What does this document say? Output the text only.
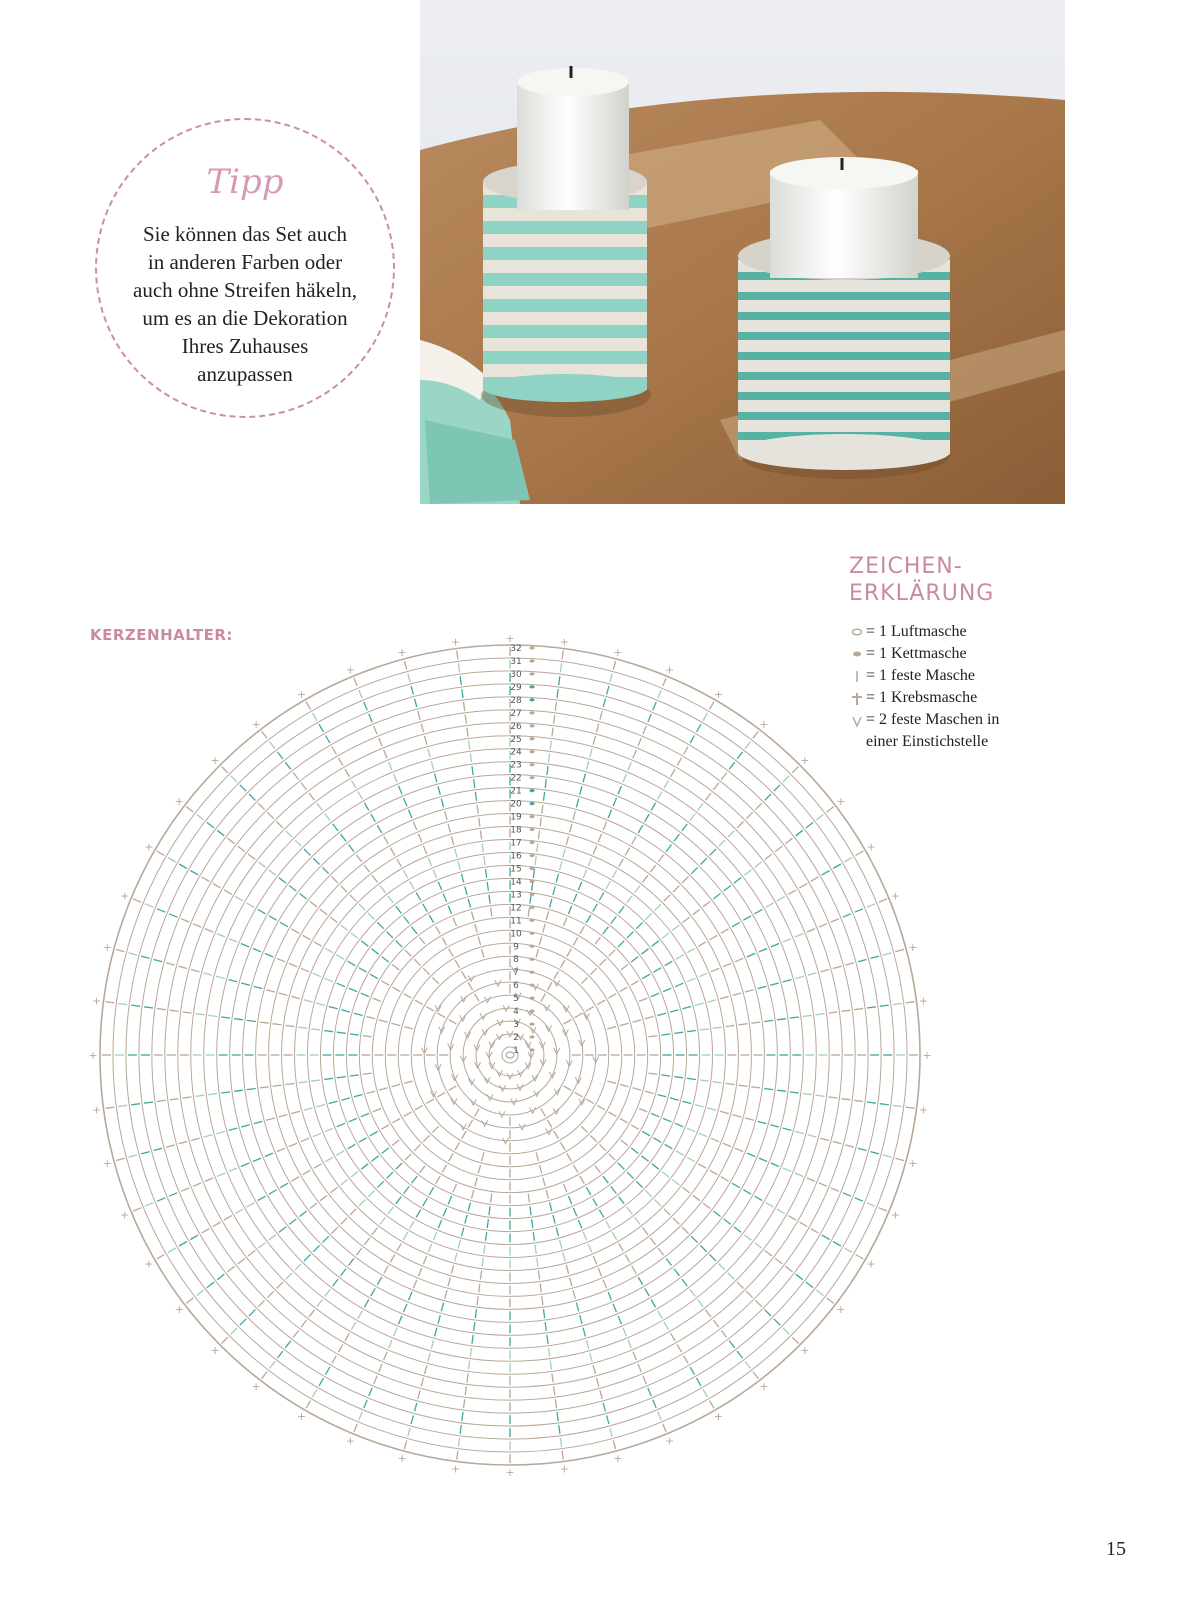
Tipp
Sie können das Set auch
in anderen Farben oder
auch ohne Streifen häkeln,
um es an die Dekoration
Ihres Zuhauses
anzupassen
ZEICHEN-
ERKLÄRUNG
= 1 Luftmasche
= 1 Kettmasche
= 1 feste Masche
= 1 Krebsmasche
= 2 feste Maschen in einer Einstichstelle
KERZENHALTER:	+	+
+
+
+
+
+
+
+
+
+
+
+
+
+
+
+
+
+
+
+
+
+
+
+
+
+
+
+
+
+
+
+
+
+
+
+
+
+
+
+
+
+
+
+
+
+
+
1
2
3
4
5
6
7
8
9
10
11
12
13
14
15
16
17
18
19
20
21
22
23
24
25
26
27
28
29
30
31
32
15
